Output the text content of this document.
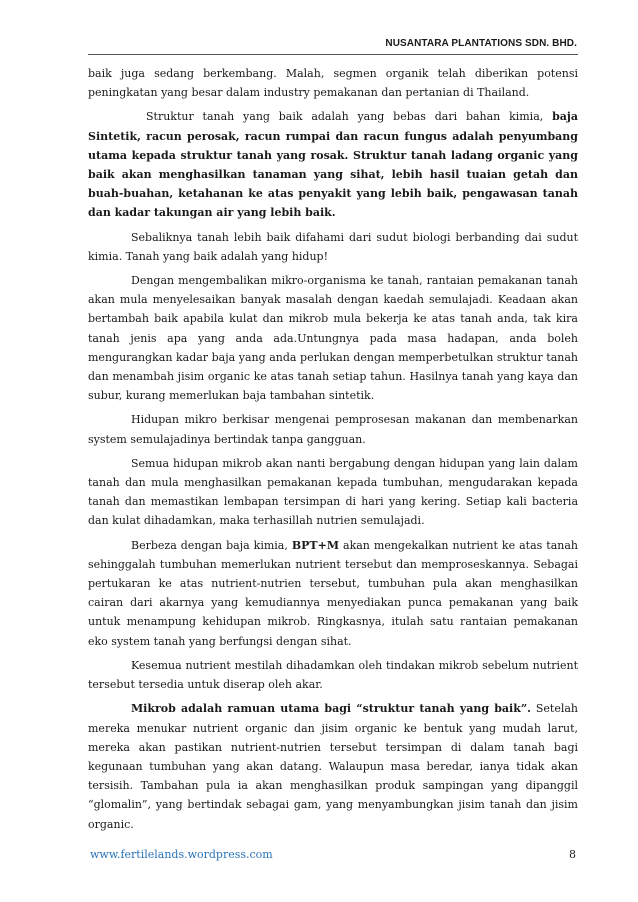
NUSANTARA PLANTATIONS SDN. BHD.

baik juga sedang berkembang. Malah, segmen organik telah diberikan potensi peningkatan yang besar dalam industry pemakanan dan pertanian di Thailand.

Struktur tanah yang baik adalah yang bebas dari bahan kimia, baja Sintetik, racun perosak, racun rumpai dan racun fungus adalah penyumbang utama kepada struktur tanah yang rosak. Struktur tanah ladang organic yang baik akan menghasilkan tanaman yang sihat, lebih hasil tuaian getah dan buah-buahan, ketahanan ke atas penyakit yang lebih baik, pengawasan tanah dan kadar takungan air yang lebih baik.

Sebaliknya tanah lebih baik difahami dari sudut biologi berbanding dai sudut kimia. Tanah yang baik adalah yang hidup!

Dengan mengembalikan mikro-organisma ke tanah, rantaian pemakanan tanah akan mula menyelesaikan banyak masalah dengan kaedah semulajadi. Keadaan akan bertambah baik apabila kulat dan mikrob mula bekerja ke atas tanah anda, tak kira tanah jenis apa yang anda ada.Untungnya pada masa hadapan, anda boleh mengurangkan kadar baja yang anda perlukan dengan memperbetulkan struktur tanah dan menambah jisim organic ke atas tanah setiap tahun. Hasilnya tanah yang kaya dan subur, kurang memerlukan baja tambahan sintetik.

Hidupan mikro berkisar mengenai pemprosesan makanan dan membenarkan system semulajadinya bertindak tanpa gangguan.

Semua hidupan mikrob akan nanti bergabung dengan hidupan yang lain dalam tanah dan mula menghasilkan pemakanan kepada tumbuhan, mengudarakan kepada tanah dan memastikan lembapan tersimpan di hari yang kering. Setiap kali bacteria dan kulat dihadamkan, maka terhasillah nutrien semulajadi.

Berbeza dengan baja kimia, BPT+M akan mengekalkan nutrient ke atas tanah sehinggalah tumbuhan memerlukan nutrient tersebut dan memproseskannya. Sebagai pertukaran ke atas nutrient-nutrien tersebut, tumbuhan pula akan menghasilkan cairan dari akarnya yang kemudiannya menyediakan punca pemakanan yang baik untuk menampung kehidupan mikrob. Ringkasnya, itulah satu rantaian pemakanan eko system tanah yang berfungsi dengan sihat.

Kesemua nutrient mestilah dihadamkan oleh tindakan mikrob sebelum nutrient tersebut tersedia untuk diserap oleh akar.

Mikrob adalah ramuan utama bagi “struktur tanah yang baik”. Setelah mereka menukar nutrient organic dan jisim organic ke bentuk yang mudah larut, mereka akan pastikan nutrient-nutrien tersebut tersimpan di dalam tanah bagi kegunaan tumbuhan yang akan datang. Walaupun masa beredar, ianya tidak akan tersisih. Tambahan pula ia akan menghasilkan produk sampingan yang dipanggil “glomalin”, yang bertindak sebagai gam, yang menyambungkan jisim tanah dan jisim organic.

www.fertilelands.wordpress.com	8
